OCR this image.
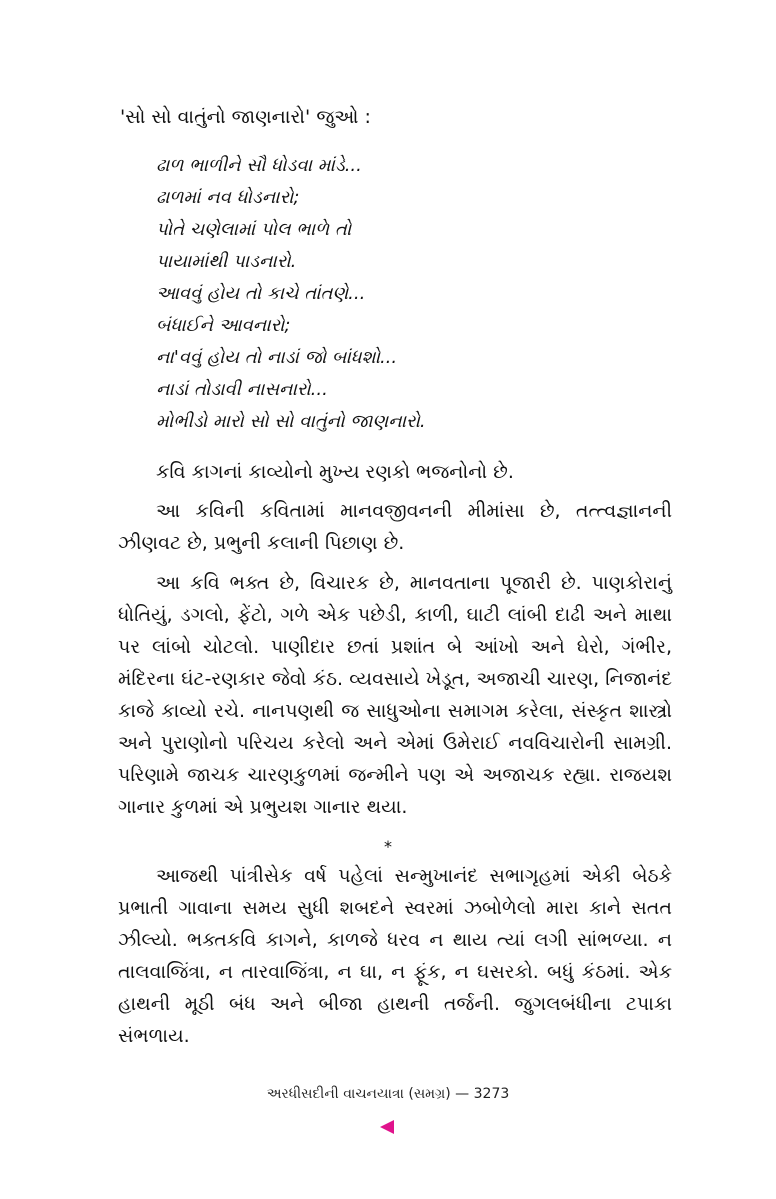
'સો સો વાતુંનો જાણનારો' જુઓ :
ઢાળ ભાળીને સૌ ધોડવા માંડે...
ઢાળમાં નવ ધોડનારો;
પોતે ચણેલામાં પોલ ભાળે તો
પાયામાંથી પાડનારો.
આવવું હોય તો કાચે તાંતણે...
બંધાઈને આવનારો;
ના'વવું હોય તો નાડાં જો બાંધશો...
નાડાં તોડાવી નાસનારો...
મોભીડો મારો સો સો વાતુંનો જાણનારો.

કવિ કાગનાં કાવ્યોનો મુખ્ય રણકો ભજનોનો છે.

આ કવિની કવિતામાં માનવજીવનની મીમાંસા છે, તત્ત્વજ્ઞાનની ઝીણવટ છે, પ્રભુની કલાની પિછાણ છે.

આ કવિ ભક્ત છે, વિચારક છે, માનવતાના પૂજારી છે. પાણકોરાનું ધોતિયું, ડગલો, ફેંટો, ગળે એક પછેડી, કાળી, ઘાટી લાંબી દાઢી અને માથા પર લાંબો ચોટલો. પાણીદાર છતાં પ્રશાંત બે આંખો અને ઘેરો, ગંભીર, મંદિરના ઘંટ-રણકાર જેવો કંઠ. વ્યવસાયે ખેડૂત, અજાચી ચારણ, નિજાનંદ કાજે કાવ્યો રચે. નાનપણથી જ સાધુઓના સમાગમ કરેલા, સંસ્કૃત શાસ્ત્રો અને પુરાણોનો પરિચય કરેલો અને એમાં ઉમેરાઈ નવવિચારોની સામગ્રી. પરિણામે જાચક ચારણકુળમાં જન્મીને પણ એ અજાચક રહ્યા. રાજયશ ગાનાર કુળમાં એ પ્રભુયશ ગાનાર થયા.

*

આજથી પાંત્રીસેક વર્ષ પહેલાં સન્મુખાનંદ સભાગૃહમાં એકી બેઠકે પ્રભાતી ગાવાના સમય સુધી શબદને સ્વરમાં ઝબોળેલો મારા કાને સતત ઝીલ્યો. ભક્તકવિ કાગને, કાળજે ધરવ ન થાય ત્યાં લગી સાંભળ્યા. ન તાલવાજિંત્રા, ન તારવાજિંત્રા, ન ઘા, ન ફૂંક, ન ઘસરકો. બધું કંઠમાં. એક હાથની મૂઠી બંધ અને બીજા હાથની તર્જની. જુગલબંધીના ટપાકા સંભળાય.

અરધીસદીની વાચનયાત્રા (સમગ્ર) — 3273
